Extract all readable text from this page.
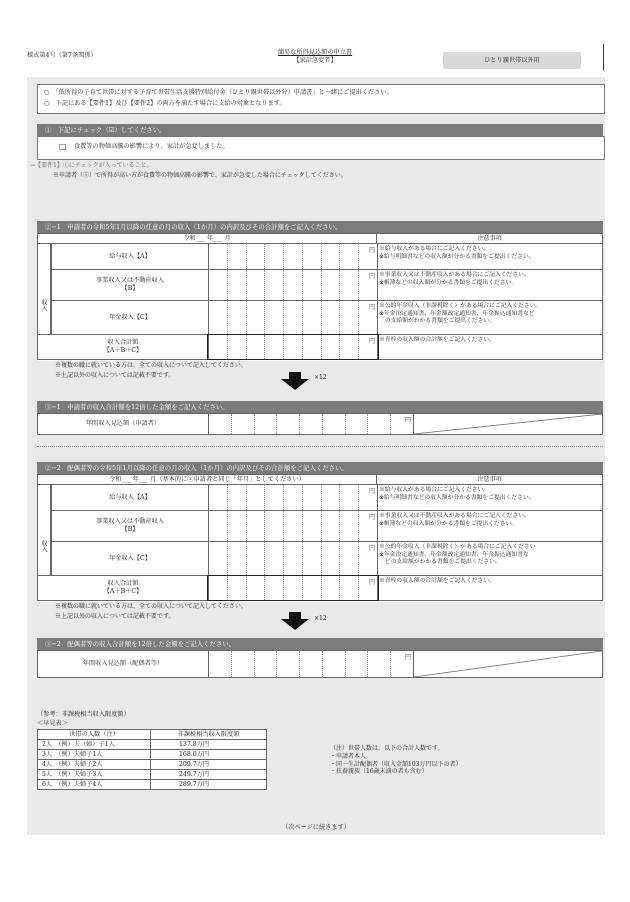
様式第4号（第7条関係）	簡易な所得見込額の申立書
【家計急変者】	ひとり親世帯以外用
○　「低所得の子育て世帯に対する子育て世帯生活支援特別給付金（ひとり親世帯以外分）申請書」と一緒にご提出ください。
○　下記にある【要件1】及び【要件2】の両方を満たす場合に支給の対象となります。
①　下記にチェック（☑）してください。
□ 食費等の物価高騰の影響により、家計が急変しました。
→【要件1】①にチェックが入っていること。
※申請者（⑤）で所得が高い方が食費等の物価高騰の影響で、家計が急変した場合にチェックしてください。
②−1　申請者の令和5年1月以降の任意の月の収入（1か月）の内訳及びその合計額をご記入ください。
令和___ 年___ 月	注意事項
収入
給与収入【A】
円 ※給与収入がある場合にご記入ください。
※給与明細書などの収入額が分かる書類をご提出ください。
事業収入又は不動産収入
【B】
円 ※事業収入又は不動産収入がある場合にご記入ください。
※帳簿などの収入額が分かる書類をご提出ください。
年金収入【C】
円 ※公的年金収入（非課税除く）がある場合にご記入ください。
※年金決定通知書、年金額改定通知書、年金振込通知書など
　の支給額がわかる書類をご提出ください。
収入合計額
【A＋B＋C】
円 ※青枠の収入額の合計額をご記入ください。
※複数の職に就いている方は、全ての収入について記入してください。
※上記以外の収入については記載不要です。	×12
③−1　申請者の収入合計額を12倍した金額をご記入ください。
年間収入見込額（申請者）	円
②−2　配偶者等の令和5年1月以降の任意の月の収入（1か月）の内訳及びその合計額をご記入ください。
令和___ 年___ 月（基本的に②申請者と同じ「年月」としてください）	注意事項
収入
給与収入【A】
円 ※給与収入がある場合にご記入ください。
※給与明細書などの収入額が分かる書類をご提出ください。
事業収入又は不動産収入
【B】
円 ※事業収入又は不動産収入がある場合にご記入ください。
※帳簿などの収入額が分かる書類をご提出ください。
年金収入【C】
円 ※公的年金収入（非課税除く）がある場合にご記入ください
※年金決定通知書、年金額改定通知書、年金振込通知書な
　どの支給額がわかる書類をご提出ください。
収入合計額
【A＋B＋C】
円 ※青枠の収入額の合計額をご記入ください。
※複数の職に就いている方は、全ての収入について記入してください。
※上記以外の収入については記載不要です。	×12
③−2　配偶者等の収入合計額を12倍した金額をご記入ください。
年間収入見込額（配偶者等）
円
（参考：非課税相当収入限度額）
＜早見表＞
世帯の人数（注）	非課税相当収入限度額
2人　（例）夫（婦）子1人	137.8万円
3人　（例）夫婦子1人	168.0万円
4人　（例）夫婦子2人	209.7万円
5人　（例）夫婦子3人	249.7万円
6人　（例）夫婦子4人	289.7万円
（注）世帯人数は、以下の合計人数です。
・申請者本人
・同一生計配偶者（収入金額103万円以下の者）
・扶養親族（16歳未満の者も含む）
（次ページに続きます）
